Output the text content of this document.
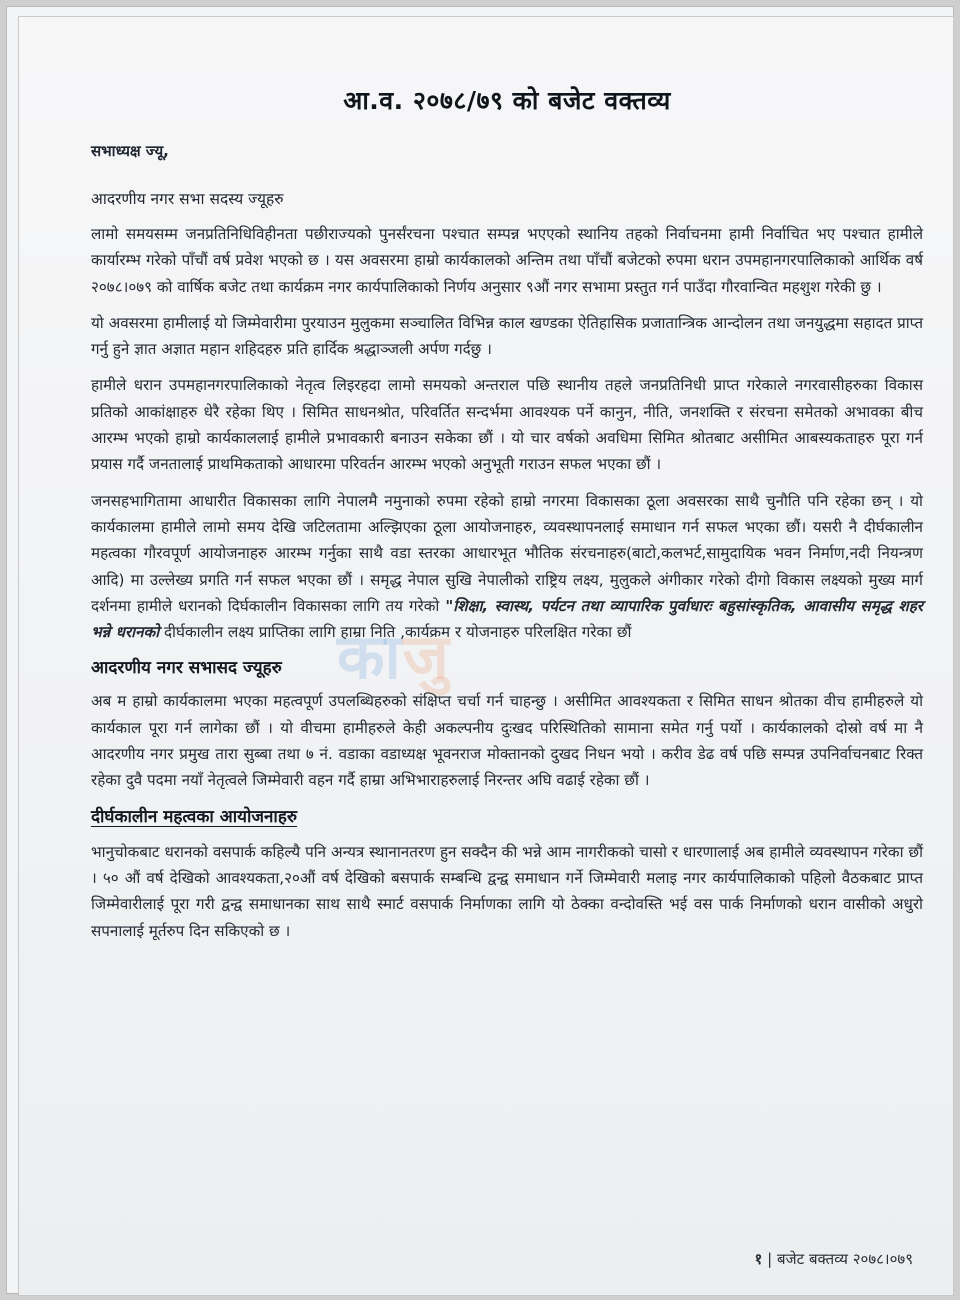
काजु
आ.व. २०७८/७९ को बजेट वक्तव्य

सभाध्यक्ष ज्यू,

आदरणीय नगर सभा सदस्य ज्यूहरु

लामो समयसम्म जनप्रतिनिधिविहीनता पछीराज्यको पुनर्संरचना पश्चात सम्पन्न भएएको स्थानिय तहको निर्वाचनमा हामी निर्वाचित भए पश्चात हामीले कार्यारम्भ गरेको पाँचौं वर्ष प्रवेश भएको छ । यस अवसरमा हाम्रो कार्यकालको अन्तिम तथा पाँचौं बजेटको रुपमा धरान उपमहानगरपालिकाको आर्थिक वर्ष २०७८।०७९ को वार्षिक बजेट तथा कार्यक्रम नगर कार्यपालिकाको निर्णय अनुसार ९औं नगर सभामा प्रस्तुत गर्न पाउँदा गौरवान्वित महशुश गरेकी छु ।

यो अवसरमा हामीलाई यो जिम्मेवारीमा पुरयाउन मुलुकमा सञ्चालित विभिन्न काल खण्डका ऐतिहासिक प्रजातान्त्रिक आन्दोलन तथा जनयुद्धमा सहादत प्राप्त गर्नु हुने ज्ञात अज्ञात महान शहिदहरु प्रति हार्दिक श्रद्धाञ्जली अर्पण गर्दछु ।

हामीले धरान उपमहानगरपालिकाको नेतृत्व लिइरहदा लामो समयको अन्तराल पछि स्थानीय तहले जनप्रतिनिधी प्राप्त गरेकाले नगरवासीहरुका विकास प्रतिको आकांक्षाहरु धेरै रहेका थिए । सिमित साधनश्रोत, परिवर्तित सन्दर्भमा आवश्यक पर्ने कानुन, नीति, जनशक्ति र संरचना समेतको अभावका बीच आरम्भ भएको हाम्रो कार्यकाललाई हामीले प्रभावकारी बनाउन सकेका छौं । यो चार वर्षको अवधिमा सिमित श्रोतबाट असीमित आबस्यकताहरु पूरा गर्न प्रयास गर्दै जनतालाई प्राथमिकताको आधारमा परिवर्तन आरम्भ भएको अनुभूती गराउन सफल भएका छौं ।

जनसहभागितामा आधारीत विकासका लागि नेपालमै नमुनाको रुपमा रहेको हाम्रो नगरमा विकासका ठूला अवसरका साथै चुनौति पनि रहेका छन् । यो कार्यकालमा हामीले लामो समय देखि जटिलतामा अल्झिएका ठूला आयोजनाहरु, व्यवस्थापनलाई समाधान गर्न सफल भएका छौं। यसरी नै दीर्घकालीन महत्वका गौरवपूर्ण आयोजनाहरु आरम्भ गर्नुका साथै वडा स्तरका आधारभूत भौतिक संरचनाहरु(बाटो,कलभर्ट,सामुदायिक भवन निर्माण,नदी नियन्त्रण आदि) मा उल्लेख्य प्रगति गर्न सफल भएका छौं । समृद्ध नेपाल सुखि नेपालीको राष्ट्रिय लक्ष्य, मुलुकले अंगीकार गरेको दीगो विकास लक्ष्यको मुख्य मार्ग दर्शनमा हामीले धरानको दिर्घकालीन विकासका लागि तय गरेको "शिक्षा, स्वास्थ, पर्यटन तथा व्यापारिक पुर्वाधारः बहुसांस्कृतिक, आवासीय समृद्ध शहर भन्ने धरानको दीर्घकालीन लक्ष्य प्राप्तिका लागि हाम्रा निति ,कार्यक्रम र योजनाहरु परिलक्षित गरेका छौं

आदरणीय नगर सभासद ज्यूहरु

अब म हाम्रो कार्यकालमा भएका महत्वपूर्ण उपलब्धिहरुको संक्षिप्त चर्चा गर्न चाहन्छु । असीमित आवश्यकता र सिमित साधन श्रोतका वीच हामीहरुले यो कार्यकाल पूरा गर्न लागेका छौं । यो वीचमा हामीहरुले केही अकल्पनीय दुःखद परिस्थितिको सामाना समेत गर्नु पर्यो । कार्यकालको दोस्रो वर्ष मा नै आदरणीय नगर प्रमुख तारा सुब्बा तथा ७ नं. वडाका वडाध्यक्ष भूवनराज मोक्तानको दुखद निधन भयो । करीव डेढ वर्ष पछि सम्पन्न उपनिर्वाचनबाट रिक्त रहेका दुवै पदमा नयाँ नेतृत्वले जिम्मेवारी वहन गर्दै हाम्रा अभिभाराहरुलाई निरन्तर अघि वढाई रहेका छौं ।

दीर्घकालीन महत्वका आयोजनाहरु

भानुचोकबाट धरानको वसपार्क कहिल्यै पनि अन्यत्र स्थानानतरण हुन सक्दैन की भन्ने आम नागरीकको चासो र धारणालाई अब हामीले व्यवस्थापन गरेका छौं । ५० औं वर्ष देखिको आवश्यकता,२०औं वर्ष देखिको बसपार्क सम्बन्धि द्वन्द्व समाधान गर्ने जिम्मेवारी मलाइ नगर कार्यपालिकाको पहिलो वैठकबाट प्राप्त जिम्मेवारीलाई पूरा गरी द्वन्द्व समाधानका साथ साथै स्मार्ट वसपार्क निर्माणका लागि यो ठेक्का वन्दोवस्ति भई वस पार्क निर्माणको धरान वासीको अधुरो सपनालाई मूर्तरुप दिन सकिएको छ ।

१ | बजेट बक्तव्य २०७८।०७९
